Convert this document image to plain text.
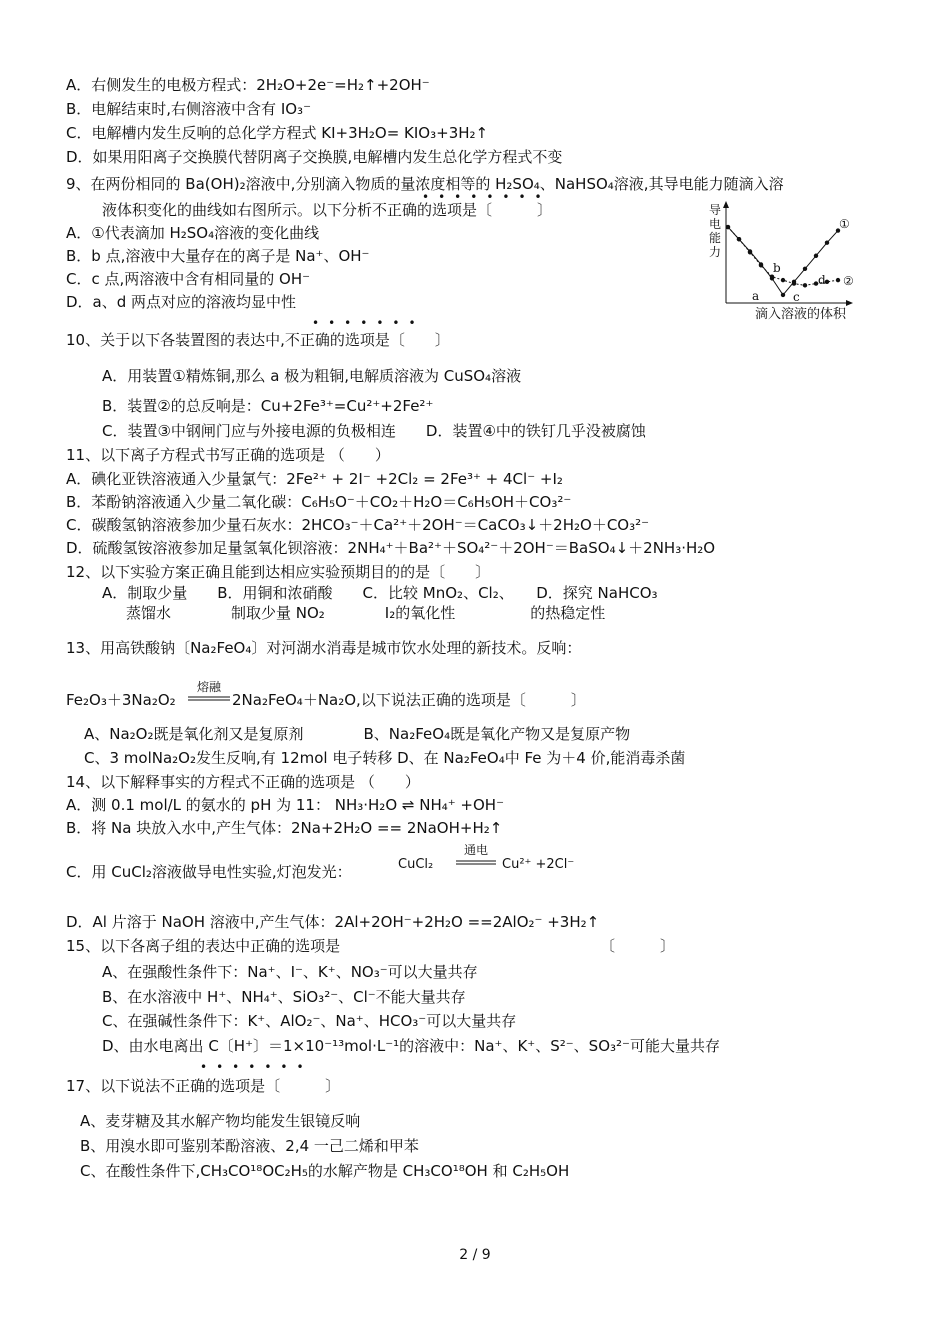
A．右侧发生的电极方程式：2H₂O+2e⁻=H₂↑+2OH⁻
B．电解结束时,右侧溶液中含有 IO₃⁻
C．电解槽内发生反响的总化学方程式 KI+3H₂O= KIO₃+3H₂↑
D．如果用阳离子交换膜代替阴离子交换膜,电解槽内发生总化学方程式不变
9、在两份相同的 Ba(OH)₂溶液中,分别滴入物质的量浓度相等的 H₂SO₄、NaHSO₄溶液,其导电能力随滴入溶
••••••••
液体积变化的曲线如右图所示。以下分析不正确的选项是〔　　　〕
A．①代表滴加 H₂SO₄溶液的变化曲线
B．b 点,溶液中大量存在的离子是 Na⁺、OH⁻
C．c 点,两溶液中含有相同量的 OH⁻
D．a、d 两点对应的溶液均显中性
导
电
能
力
①
②
a
b
c
d
滴入溶液的体积
•••••••
10、关于以下各装置图的表达中,不正确的选项是〔　　〕
A．用装置①精炼铜,那么 a 极为粗铜,电解质溶液为 CuSO₄溶液
B．装置②的总反响是：Cu+2Fe³⁺=Cu²⁺+2Fe²⁺
C．装置③中钢闸门应与外接电源的负极相连　　D．装置④中的铁钉几乎没被腐蚀
11、以下离子方程式书写正确的选项是 （　　）
A．碘化亚铁溶液通入少量氯气：2Fe²⁺ + 2I⁻ +2Cl₂ = 2Fe³⁺ + 4Cl⁻ +I₂
B．苯酚钠溶液通入少量二氧化碳：C₆H₅O⁻＋CO₂＋H₂O＝C₆H₅OH＋CO₃²⁻
C．碳酸氢钠溶液参加少量石灰水：2HCO₃⁻＋Ca²⁺＋2OH⁻＝CaCO₃↓＋2H₂O＋CO₃²⁻
D．硫酸氢铵溶液参加足量氢氧化钡溶液：2NH₄⁺＋Ba²⁺＋SO₄²⁻＋2OH⁻＝BaSO₄↓＋2NH₃·H₂O
12、以下实验方案正确且能到达相应实验预期目的的是〔　　〕
A．制取少量　　B．用铜和浓硝酸　　C．比较 MnO₂、Cl₂、　　D．探究 NaHCO₃
蒸馏水　　　　制取少量 NO₂　　　　I₂的氧化性　　　　　的热稳定性
13、用高铁酸钠〔Na₂FeO₄〕对河湖水消毒是城市饮水处理的新技术。反响：
Fe₂O₃＋3Na₂O₂
熔融
2Na₂FeO₄＋Na₂O,以下说法正确的选项是〔　　　〕
A、Na₂O₂既是氧化剂又是复原剂　　　　B、Na₂FeO₄既是氧化产物又是复原产物
C、3 molNa₂O₂发生反响,有 12mol 电子转移 D、在 Na₂FeO₄中 Fe 为＋4 价,能消毒杀菌
14、以下解释事实的方程式不正确的选项是 （　　）
A．测 0.1 mol/L 的氨水的 pH 为 11： NH₃·H₂O ⇌ NH₄⁺ +OH⁻
B．将 Na 块放入水中,产生气体：2Na+2H₂O == 2NaOH+H₂↑
C．用 CuCl₂溶液做导电性实验,灯泡发光：	CuCl₂
通电
Cu²⁺ +2Cl⁻
D．Al 片溶于 NaOH 溶液中,产生气体：2Al+2OH⁻+2H₂O ==2AlO₂⁻ +3H₂↑
15、以下各离子组的表达中正确的选项是	〔　　　〕
A、在强酸性条件下：Na⁺、I⁻、K⁺、NO₃⁻可以大量共存
B、在水溶液中 H⁺、NH₄⁺、SiO₃²⁻、Cl⁻不能大量共存
C、在强碱性条件下：K⁺、AlO₂⁻、Na⁺、HCO₃⁻可以大量共存
D、由水电离出 C〔H⁺〕＝1×10⁻¹³mol·L⁻¹的溶液中：Na⁺、K⁺、S²⁻、SO₃²⁻可能大量共存
•••••••
17、以下说法不正确的选项是〔　　　〕
A、麦芽糖及其水解产物均能发生银镜反响
B、用溴水即可鉴别苯酚溶液、2,4 一己二烯和甲苯
C、在酸性条件下,CH₃CO¹⁸OC₂H₅的水解产物是 CH₃CO¹⁸OH 和 C₂H₅OH
2 / 9
